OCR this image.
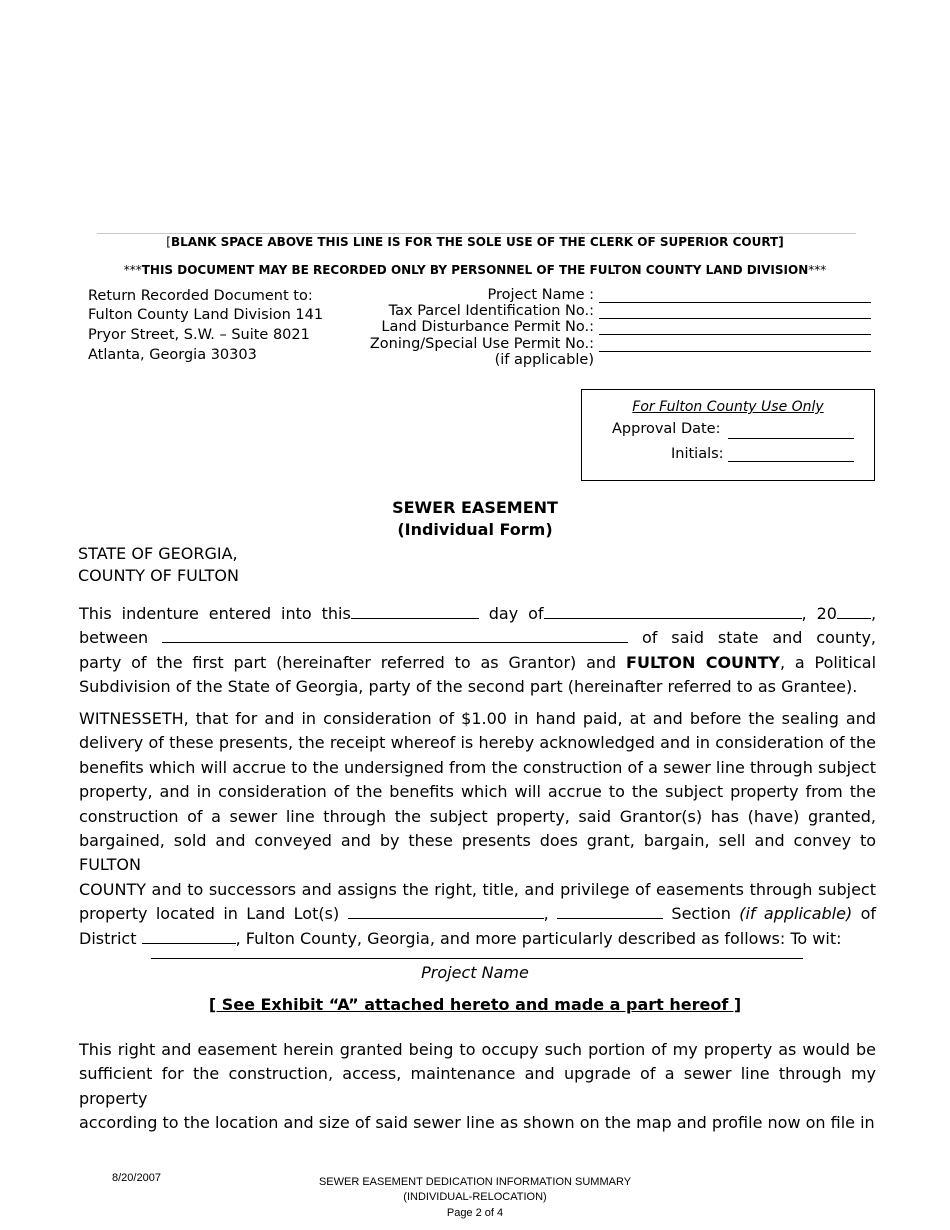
[BLANK SPACE ABOVE THIS LINE IS FOR THE SOLE USE OF THE CLERK OF SUPERIOR COURT]
***THIS DOCUMENT MAY BE RECORDED ONLY BY PERSONNEL OF THE FULTON COUNTY LAND DIVISION***
Return Recorded Document to:
Fulton County Land Division 141
Pryor Street, S.W. – Suite 8021
Atlanta, Georgia 30303
Project Name :
Tax Parcel Identification No.:
Land Disturbance Permit No.:
Zoning/Special Use Permit No.:
(if applicable)
For Fulton County Use Only
Approval Date:
Initials:
SEWER EASEMENT
(Individual Form)
STATE OF GEORGIA,
COUNTY OF FULTON
This indenture entered into this	day of	, 20 ,
between	of said state and county,
party of the first part (hereinafter referred to as Grantor) and FULTON COUNTY, a Political
Subdivision of the State of Georgia, party of the second part (hereinafter referred to as Grantee).
WITNESSETH, that for and in consideration of $1.00 in hand paid, at and before the sealing and
delivery of these presents, the receipt whereof is hereby acknowledged and in consideration of the
benefits which will accrue to the undersigned from the construction of a sewer line through subject
property, and in consideration of the benefits which will accrue to the subject property from the
construction of a sewer line through the subject property, said Grantor(s) has (have) granted,
bargained, sold and conveyed and by these presents does grant, bargain, sell and convey to FULTON
COUNTY and to successors and assigns the right, title, and privilege of easements through subject
property located in Land Lot(s)	,	Section (if applicable) of
District	, Fulton County, Georgia, and more particularly described as follows: To wit:
Project Name
[ See Exhibit “A” attached hereto and made a part hereof ]
This right and easement herein granted being to occupy such portion of my property as would be
sufficient for the construction, access, maintenance and upgrade of a sewer line through my property
according to the location and size of said sewer line as shown on the map and profile now on file in
8/20/2007	SEWER EASEMENT DEDICATION INFORMATION SUMMARY
(INDIVIDUAL-RELOCATION)
Page 2 of 4
